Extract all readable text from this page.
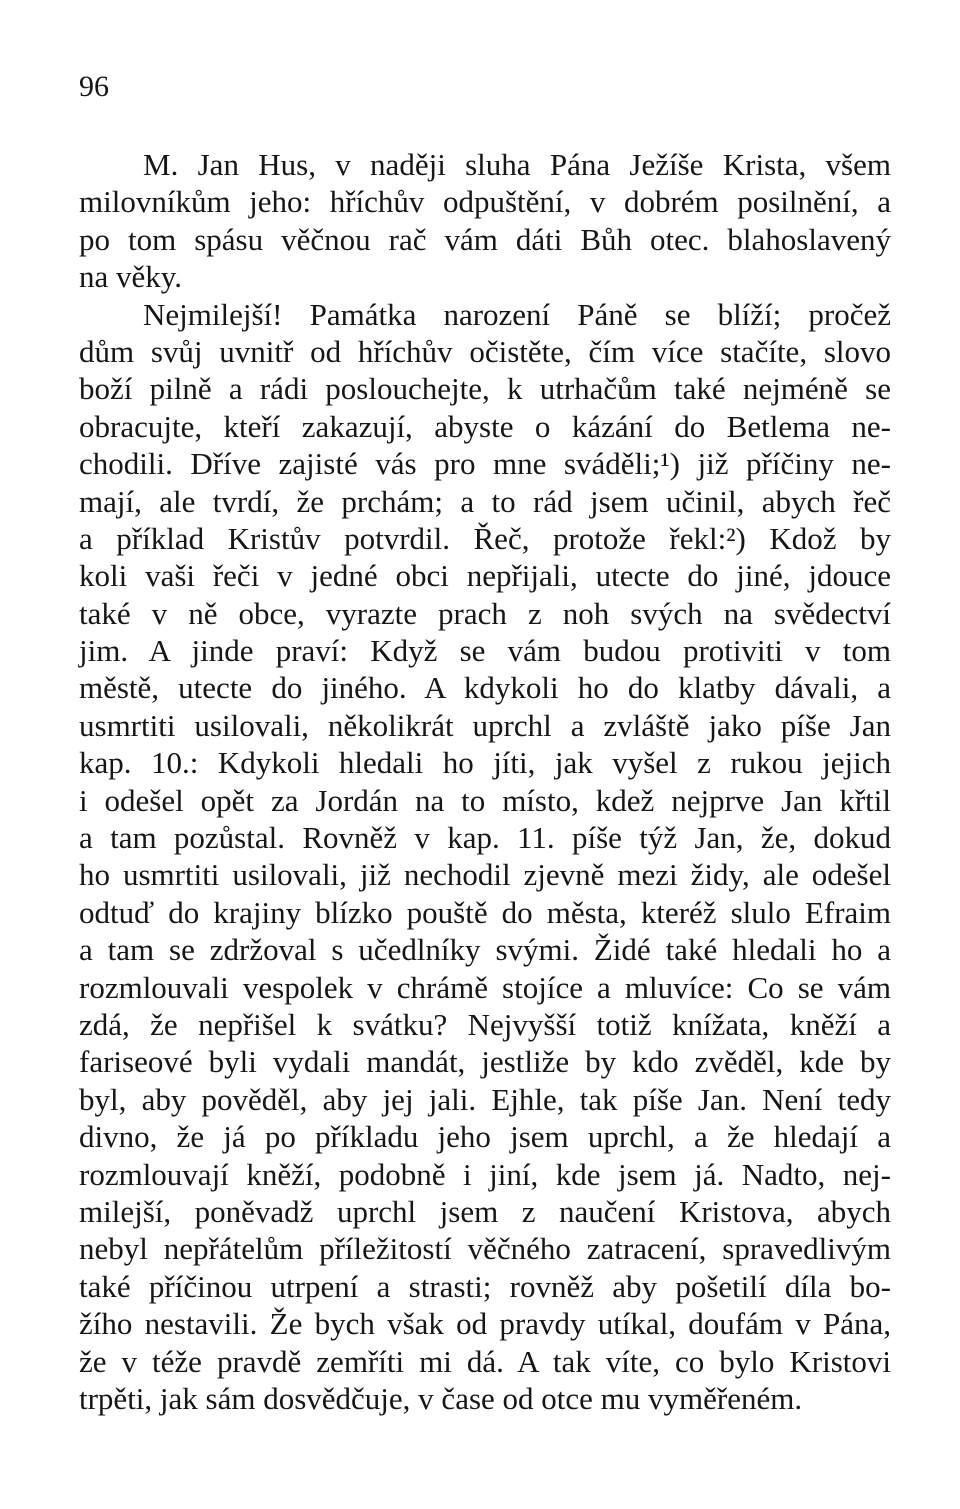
96
M. Jan Hus, v naději sluha Pána Ježíše Krista, všem
milovníkům jeho: hříchův odpuštění, v dobrém posilnění, a
po tom spásu věčnou rač vám dáti Bůh otec. blahoslavený
na věky.
Nejmilejší! Památka narození Páně se blíží; pročež
dům svůj uvnitř od hříchův očistěte, čím více stačíte, slovo
boží pilně a rádi poslouchejte, k utrhačům také nejméně se
obracujte, kteří zakazují, abyste o kázání do Betlema ne-
chodili. Dříve zajisté vás pro mne sváděli;¹) již příčiny ne-
mají, ale tvrdí, že prchám; a to rád jsem učinil, abych řeč
a příklad Kristův potvrdil. Řeč, protože řekl:²) Kdož by
koli vaši řeči v jedné obci nepřijali, utecte do jiné, jdouce
také v ně obce, vyrazte prach z noh svých na svědectví
jim. A jinde praví: Když se vám budou protiviti v tom
městě, utecte do jiného. A kdykoli ho do klatby dávali, a
usmrtiti usilovali, několikrát uprchl a zvláště jako píše Jan
kap. 10.: Kdykoli hledali ho jíti, jak vyšel z rukou jejich
i odešel opět za Jordán na to místo, kdež nejprve Jan křtil
a tam pozůstal. Rovněž v kap. 11. píše týž Jan, že, dokud
ho usmrtiti usilovali, již nechodil zjevně mezi židy, ale odešel
odtuď do krajiny blízko pouště do města, kteréž slulo Efraim
a tam se zdržoval s učedlníky svými. Židé také hledali ho a
rozmlouvali vespolek v chrámě stojíce a mluvíce: Co se vám
zdá, že nepřišel k svátku? Nejvyšší totiž knížata, kněží a
fariseové byli vydali mandát, jestliže by kdo zvěděl, kde by
byl, aby pověděl, aby jej jali. Ejhle, tak píše Jan. Není tedy
divno, že já po příkladu jeho jsem uprchl, a že hledají a
rozmlouvají kněží, podobně i jiní, kde jsem já. Nadto, nej-
milejší, poněvadž uprchl jsem z naučení Kristova, abych
nebyl nepřátelům příležitostí věčného zatracení, spravedlivým
také příčinou utrpení a strasti; rovněž aby pošetilí díla bo-
žího nestavili. Že bych však od pravdy utíkal, doufám v Pána,
že v téže pravdě zemříti mi dá. A tak víte, co bylo Kristovi
trpěti, jak sám dosvědčuje, v čase od otce mu vyměřeném.
